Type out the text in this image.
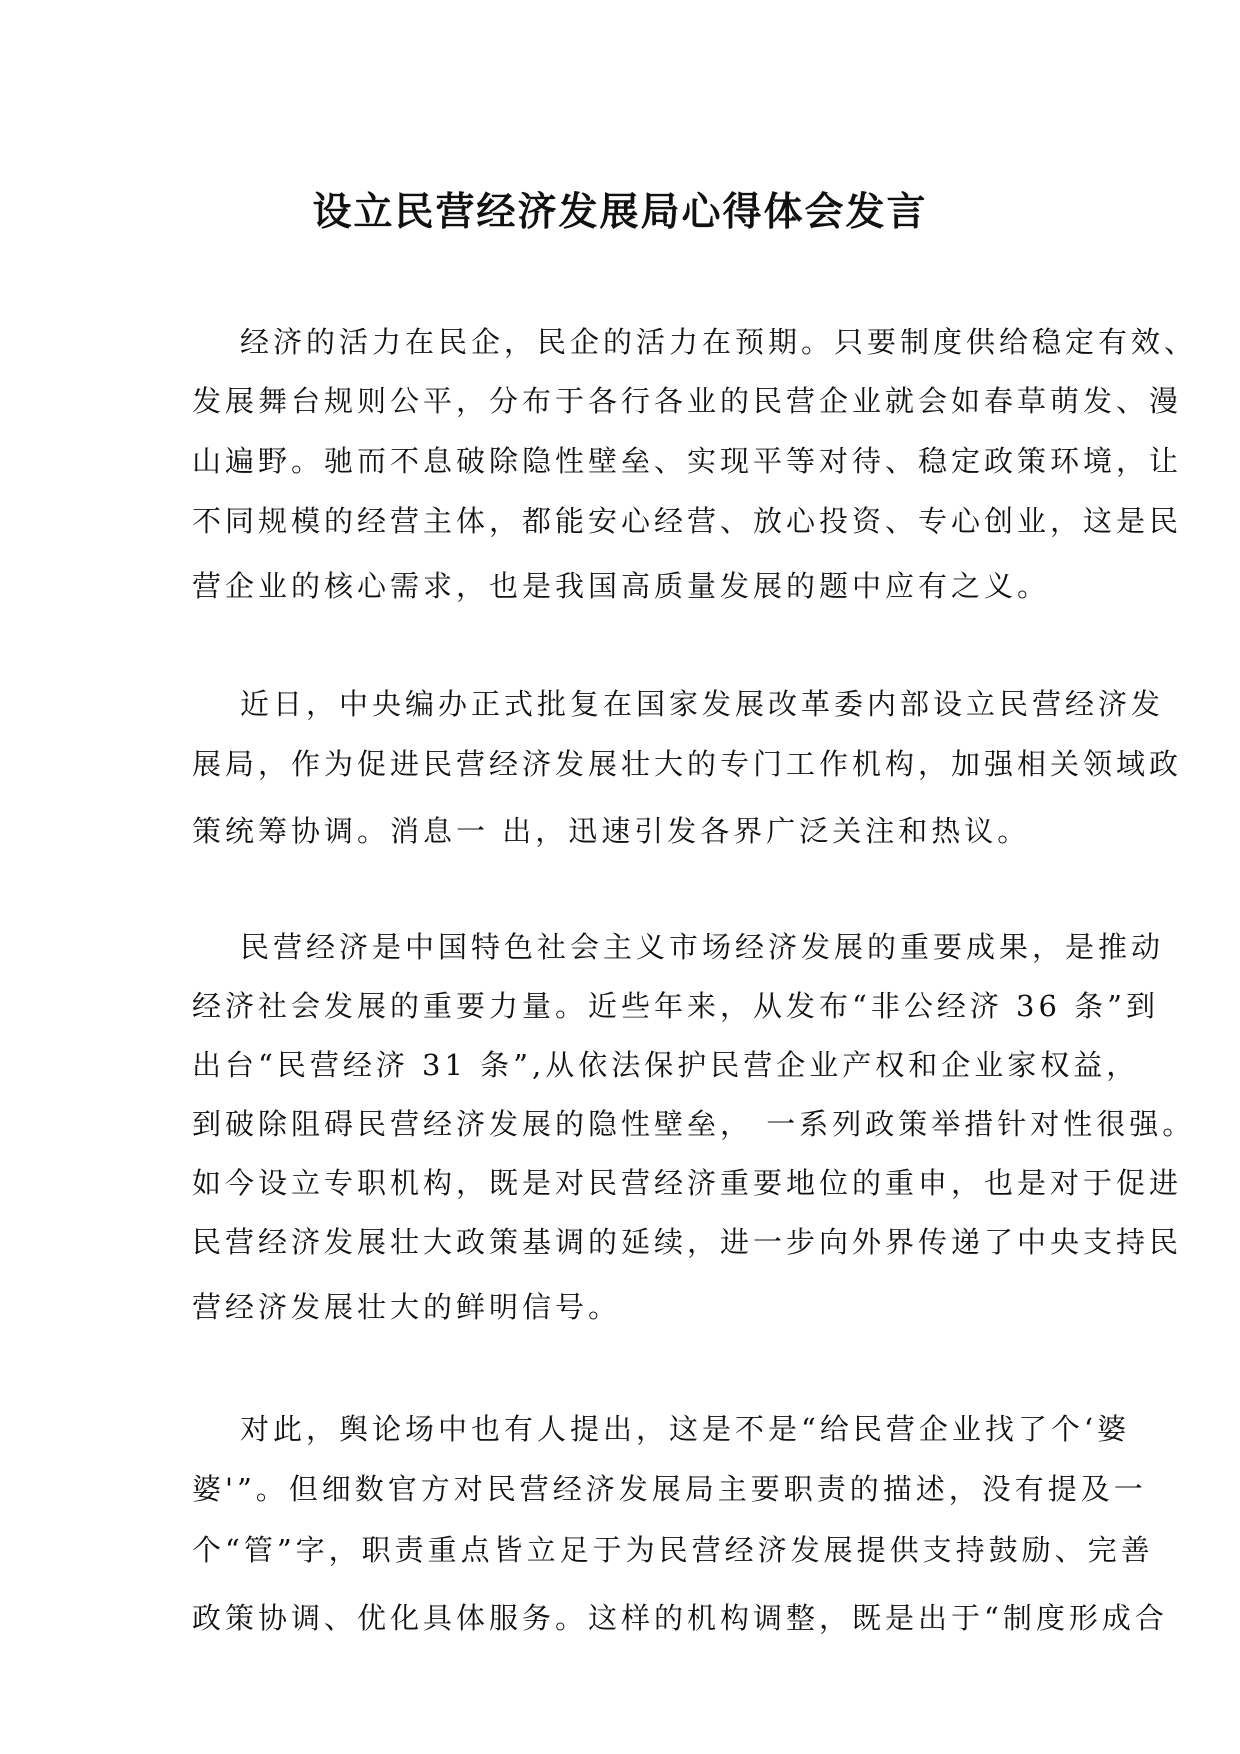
设立民营经济发展局心得体会发言
经济的活力在民企，民企的活力在预期。只要制度供给稳定有效、
发展舞台规则公平，分布于各行各业的民营企业就会如春草萌发、漫
山遍野。驰而不息破除隐性壁垒、实现平等对待、稳定政策环境，让
不同规模的经营主体，都能安心经营、放心投资、专心创业，这是民
营企业的核心需求，也是我国高质量发展的题中应有之义。
近日，中央编办正式批复在国家发展改革委内部设立民营经济发
展局，作为促进民营经济发展壮大的专门工作机构，加强相关领域政
策统筹协调。消息一 出，迅速引发各界广泛关注和热议。
民营经济是中国特色社会主义市场经济发展的重要成果，是推动
经济社会发展的重要力量。近些年来，从发布“非公经济 36 条”到
出台“民营经济 31 条”,从依法保护民营企业产权和企业家权益，
到破除阻碍民营经济发展的隐性壁垒， 一系列政策举措针对性很强。
如今设立专职机构，既是对民营经济重要地位的重申，也是对于促进
民营经济发展壮大政策基调的延续，进一步向外界传递了中央支持民
营经济发展壮大的鲜明信号。
对此，舆论场中也有人提出，这是不是“给民营企业找了个‘婆
婆'”。但细数官方对民营经济发展局主要职责的描述，没有提及一
个“管”字，职责重点皆立足于为民营经济发展提供支持鼓励、完善
政策协调、优化具体服务。这样的机构调整，既是出于“制度形成合
